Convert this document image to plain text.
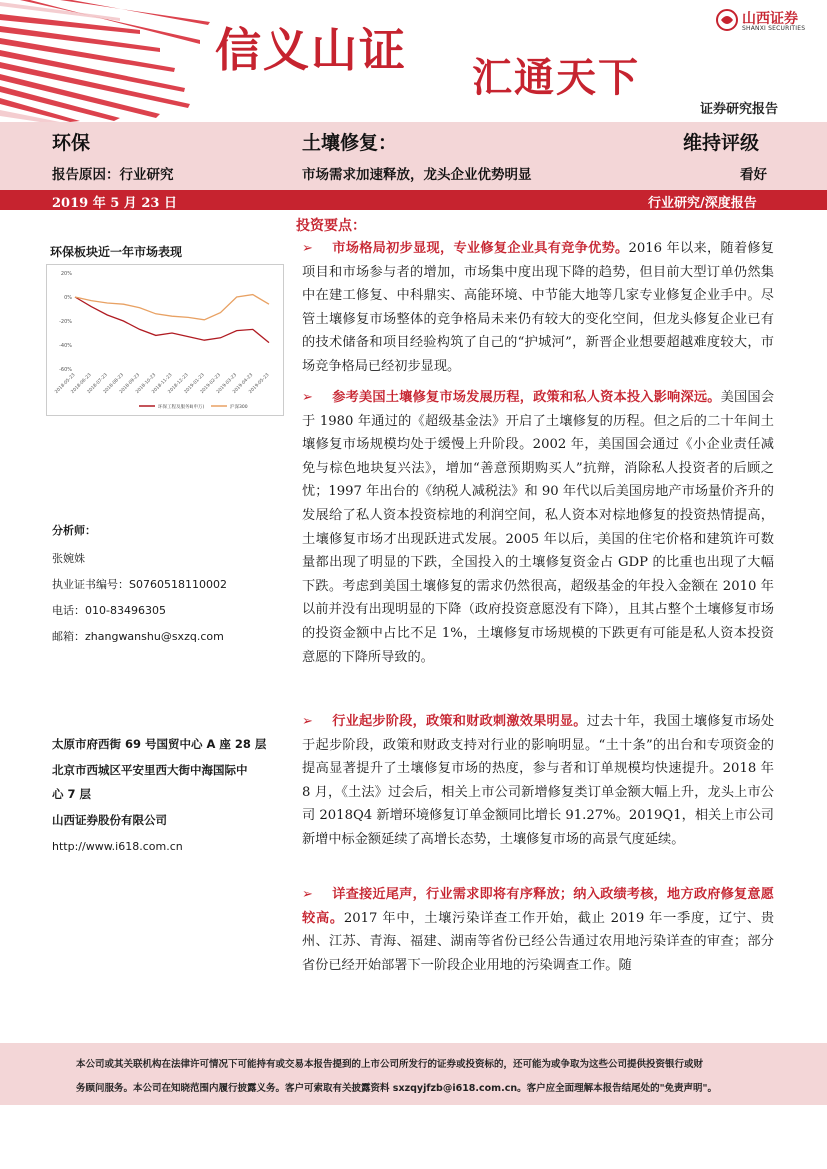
信义山证
汇通天下
山西证券
SHANXI SECURITIES
证券研究报告
环保	土壤修复：	维持评级
报告原因：行业研究	市场需求加速释放，龙头企业优势明显	看好
2019 年 5 月 23 日	行业研究/深度报告
环保板块近一年市场表现
20%
0%
-20%
-40%
-60%
2018-05-23
2018-06-23
2018-07-23
2018-08-23
2018-09-23
2018-10-23
2018-11-23
2018-12-23
2019-01-23
2019-02-23
2019-03-23
2019-04-23
2019-05-23
环保工程及服务Ⅱ(申万)	沪深300
分析师：
张婉姝
执业证书编号：S0760518110002
电话：010-83496305
邮箱：zhangwanshu@sxzq.com
太原市府西街 69 号国贸中心 A 座 28 层
北京市西城区平安里西大街中海国际中
心 7 层
山西证券股份有限公司
http://www.i618.com.cn
投资要点：
➢ 市场格局初步显现，专业修复企业具有竞争优势。2016 年以来，随着修复项目和市场参与者的增加，市场集中度出现下降的趋势，但目前大型订单仍然集中在建工修复、中科鼎实、高能环境、中节能大地等几家专业修复企业手中。尽管土壤修复市场整体的竞争格局未来仍有较大的变化空间，但龙头修复企业已有的技术储备和项目经验构筑了自己的“护城河”，新晋企业想要超越难度较大，市场竞争格局已经初步显现。
➢ 参考美国土壤修复市场发展历程，政策和私人资本投入影响深远。美国国会于 1980 年通过的《超级基金法》开启了土壤修复的历程。但之后的二十年间土壤修复市场规模均处于缓慢上升阶段。2002 年，美国国会通过《小企业责任减免与棕色地块复兴法》，增加“善意预期购买人”抗辩，消除私人投资者的后顾之忧；1997 年出台的《纳税人减税法》和 90 年代以后美国房地产市场量价齐升的发展给了私人资本投资棕地的利润空间，私人资本对棕地修复的投资热情提高，土壤修复市场才出现跃进式发展。2005 年以后，美国的住宅价格和建筑许可数量都出现了明显的下跌，全国投入的土壤修复资金占 GDP 的比重也出现了大幅下跌。考虑到美国土壤修复的需求仍然很高，超级基金的年投入金额在 2010 年以前并没有出现明显的下降（政府投资意愿没有下降），且其占整个土壤修复市场的投资金额中占比不足 1%，土壤修复市场规模的下跌更有可能是私人资本投资意愿的下降所导致的。
➢ 行业起步阶段，政策和财政刺激效果明显。过去十年，我国土壤修复市场处于起步阶段，政策和财政支持对行业的影响明显。“土十条”的出台和专项资金的提高显著提升了土壤修复市场的热度，参与者和订单规模均快速提升。2018 年 8 月，《土法》过会后，相关上市公司新增修复类订单金额大幅上升，龙头上市公司 2018Q4 新增环境修复订单金额同比增长 91.27%。2019Q1，相关上市公司新增中标金额延续了高增长态势，土壤修复市场的高景气度延续。
➢ 详查接近尾声，行业需求即将有序释放；纳入政绩考核，地方政府修复意愿较高。2017 年中，土壤污染详查工作开始，截止 2019 年一季度，辽宁、贵州、江苏、青海、福建、湖南等省份已经公告通过农用地污染详查的审查；部分省份已经开始部署下一阶段企业用地的污染调查工作。随
本公司或其关联机构在法律许可情况下可能持有或交易本报告提到的上市公司所发行的证券或投资标的，还可能为或争取为这些公司提供投资银行或财
务顾问服务。本公司在知晓范围内履行披露义务。客户可索取有关披露资料 sxzqyjfzb@i618.com.cn。客户应全面理解本报告结尾处的"免责声明"。
